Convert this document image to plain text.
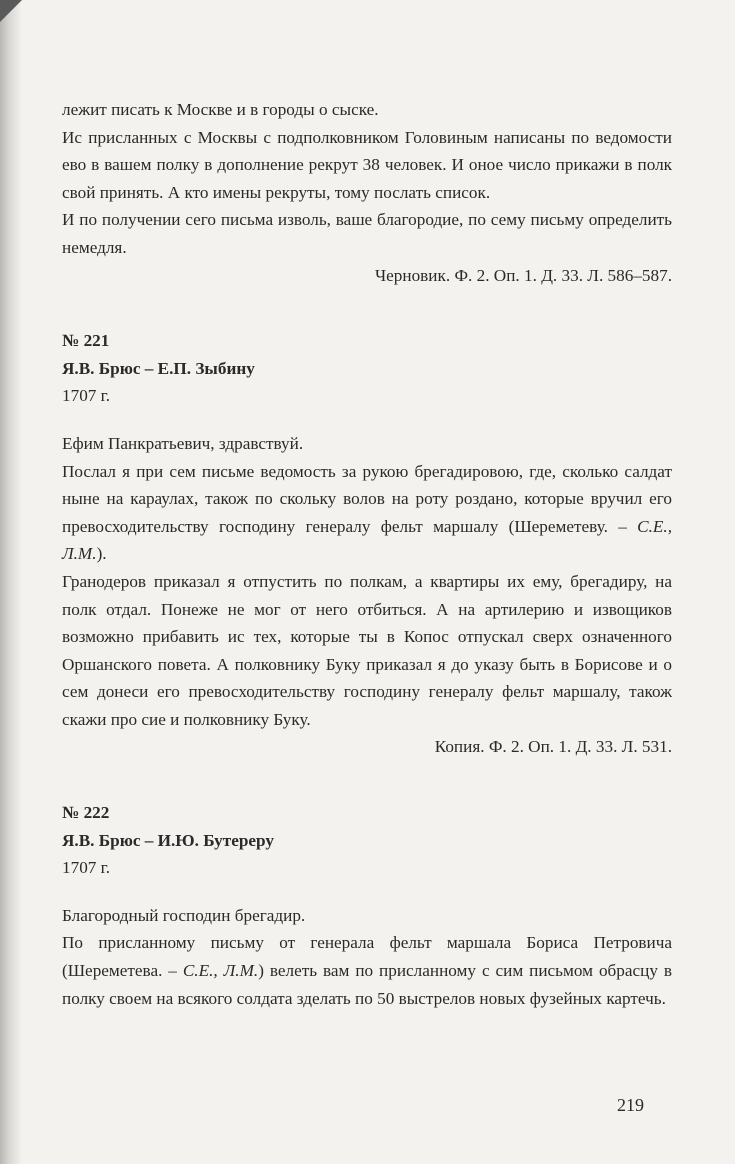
лежит писать к Москве и в городы о сыске.

Ис присланных с Москвы с подполковником Головиным написаны по ведомости ево в вашем полку в дополнение рекрут 38 человек. И оное число прикажи в полк свой принять. А кто имены рекруты, тому послать список.

И по получении сего письма изволь, ваше благородие, по сему письму определить немедля.

Черновик. Ф. 2. Оп. 1. Д. 33. Л. 586–587.

№ 221

Я.В. Брюс – Е.П. Зыбину

1707 г.

Ефим Панкратьевич, здравствуй.

Послал я при сем письме ведомость за рукою брегадировою, где, сколько салдат ныне на караулах, також по скольку волов на роту роздано, которые вручил его превосходительству господину генералу фельт маршалу (Шереметеву. – С.Е., Л.М.).

Гранодеров приказал я отпустить по полкам, а квартиры их ему, брегадиру, на полк отдал. Понеже не мог от него отбиться. А на артилерию и извощиков возможно прибавить ис тех, которые ты в Копос отпускал сверх означенного Оршанского повета. А полковнику Буку приказал я до указу быть в Борисове и о сем донеси его превосходительству господину генералу фельт маршалу, також скажи про сие и полковнику Буку.

Копия. Ф. 2. Оп. 1. Д. 33. Л. 531.

№ 222

Я.В. Брюс – И.Ю. Бутереру

1707 г.

Благородный господин брегадир.

По присланному письму от генерала фельт маршала Бориса Петровича (Шереметева. – С.Е., Л.М.) велеть вам по присланному с сим письмом обрасцу в полку своем на всякого солдата зделать по 50 выстрелов новых фузейных картечь.

219
